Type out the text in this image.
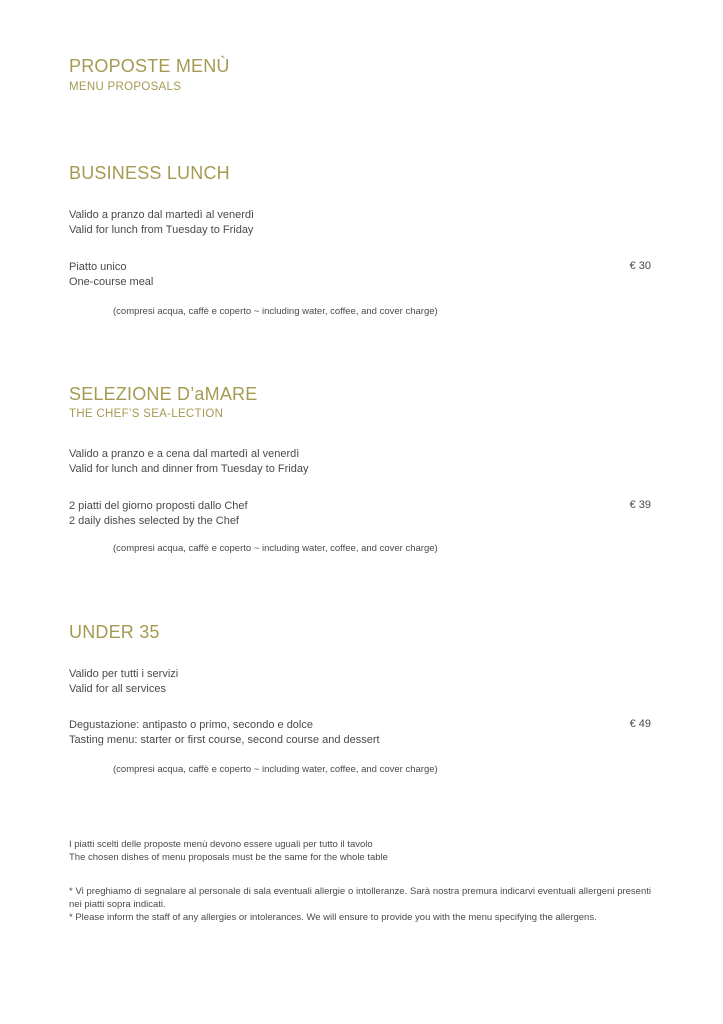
PROPOSTE MENÙ
MENU PROPOSALS
BUSINESS LUNCH
Valido a pranzo dal martedì al venerdì
Valid for lunch from Tuesday to Friday
Piatto unico
One-course meal
€ 30
(compresi acqua, caffè e coperto ~ including water, coffee, and cover charge)
SELEZIONE D’aMARE
THE CHEF’S SEA-LECTION
Valido a pranzo e a cena dal martedì al venerdì
Valid for lunch and dinner from Tuesday to Friday
2 piatti del giorno proposti dallo Chef
2 daily dishes selected by the Chef
€ 39
(compresi acqua, caffè e coperto ~ including water, coffee, and cover charge)
UNDER 35
Valido per tutti i servizi
Valid for all services
Degustazione: antipasto o primo, secondo e dolce
Tasting menu: starter or first course, second course and dessert
€ 49
(compresi acqua, caffè e coperto ~ including water, coffee, and cover charge)
I piatti scelti delle proposte menù devono essere uguali per tutto il tavolo
The chosen dishes of menu proposals must be the same for the whole table
* Vi preghiamo di segnalare al personale di sala eventuali allergie o intolleranze. Sarà nostra premura indicarvi eventuali allergeni presenti nei piatti sopra indicati.
* Please inform the staff of any allergies or intolerances. We will ensure to provide you with the menu specifying the allergens.
